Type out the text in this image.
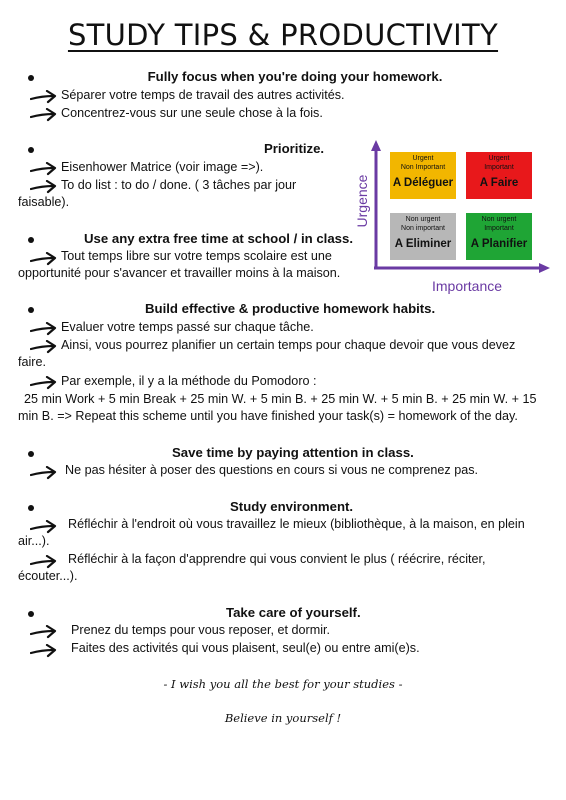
STUDY TIPS & PRODUCTIVITY
Fully focus when you're doing your homework.
Séparer votre temps de travail des autres activités.
Concentrez-vous sur une seule chose à la fois.
Prioritize.
Eisenhower Matrice (voir image =>).
To do list : to do / done. ( 3 tâches par jour
faisable).
Use any extra free time at school / in class.
Tout temps libre sur votre temps scolaire est une
opportunité pour s'avancer et travailler moins à la maison.
Urgence
Importance
Urgent
Non Important
A Déléguer
Urgent
Important
A Faire
Non urgent
Non important
A Eliminer
Non urgent
Important
A Planifier
Build effective & productive homework habits.
Evaluer votre temps passé sur chaque tâche.
Ainsi, vous pourrez planifier un certain temps pour chaque devoir que vous devez
faire.
Par exemple, il y a la méthode du Pomodoro :
25 min Work + 5 min Break + 25 min W. + 5 min B. + 25 min W. + 5 min B. + 25 min W. + 15
min B. => Repeat this scheme until you have finished your task(s) = homework of the day.
Save time by paying attention in class.
Ne pas hésiter à poser des questions en cours si vous ne comprenez pas.
Study environment.
Réfléchir à l'endroit où vous travaillez le mieux (bibliothèque, à la maison, en plein
air...).
Réfléchir à la façon d'apprendre qui vous convient le plus ( réécrire, réciter,
écouter...).
Take care of yourself.
Prenez du temps pour vous reposer, et dormir.
Faites des activités qui vous plaisent, seul(e) ou entre ami(e)s.
- I wish you all the best for your studies -
Believe in yourself !
